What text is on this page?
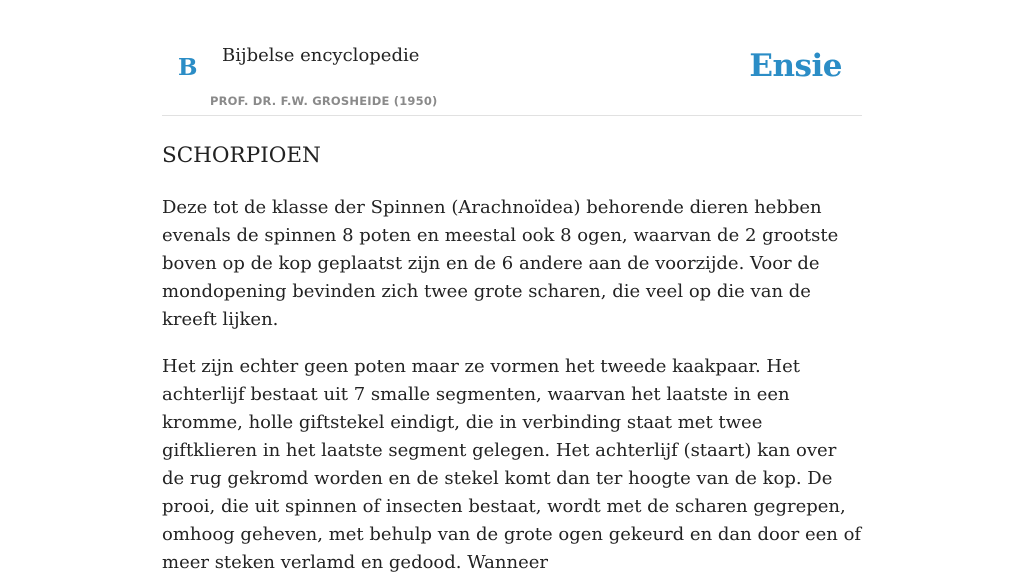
B Bijbelse encyclopedie
PROF. DR. F.W. GROSHEIDE (1950)
Ensie
SCHORPIOEN

Deze tot de klasse der Spinnen (Arachnoïdea) behorende dieren hebben evenals de spinnen 8 poten en meestal ook 8 ogen, waarvan de 2 grootste boven op de kop geplaatst zijn en de 6 andere aan de voorzijde. Voor de mondopening bevinden zich twee grote scharen, die veel op die van de kreeft lijken.

Het zijn echter geen poten maar ze vormen het tweede kaakpaar. Het achterlijf bestaat uit 7 smalle segmenten, waarvan het laatste in een kromme, holle giftstekel eindigt, die in verbinding staat met twee giftklieren in het laatste segment gelegen. Het achterlijf (staart) kan over de rug gekromd worden en de stekel komt dan ter hoogte van de kop. De prooi, die uit spinnen of insecten bestaat, wordt met de scharen gegrepen, omhoog geheven, met behulp van de grote ogen gekeurd en dan door een of meer steken verlamd en gedood. Wanneer
